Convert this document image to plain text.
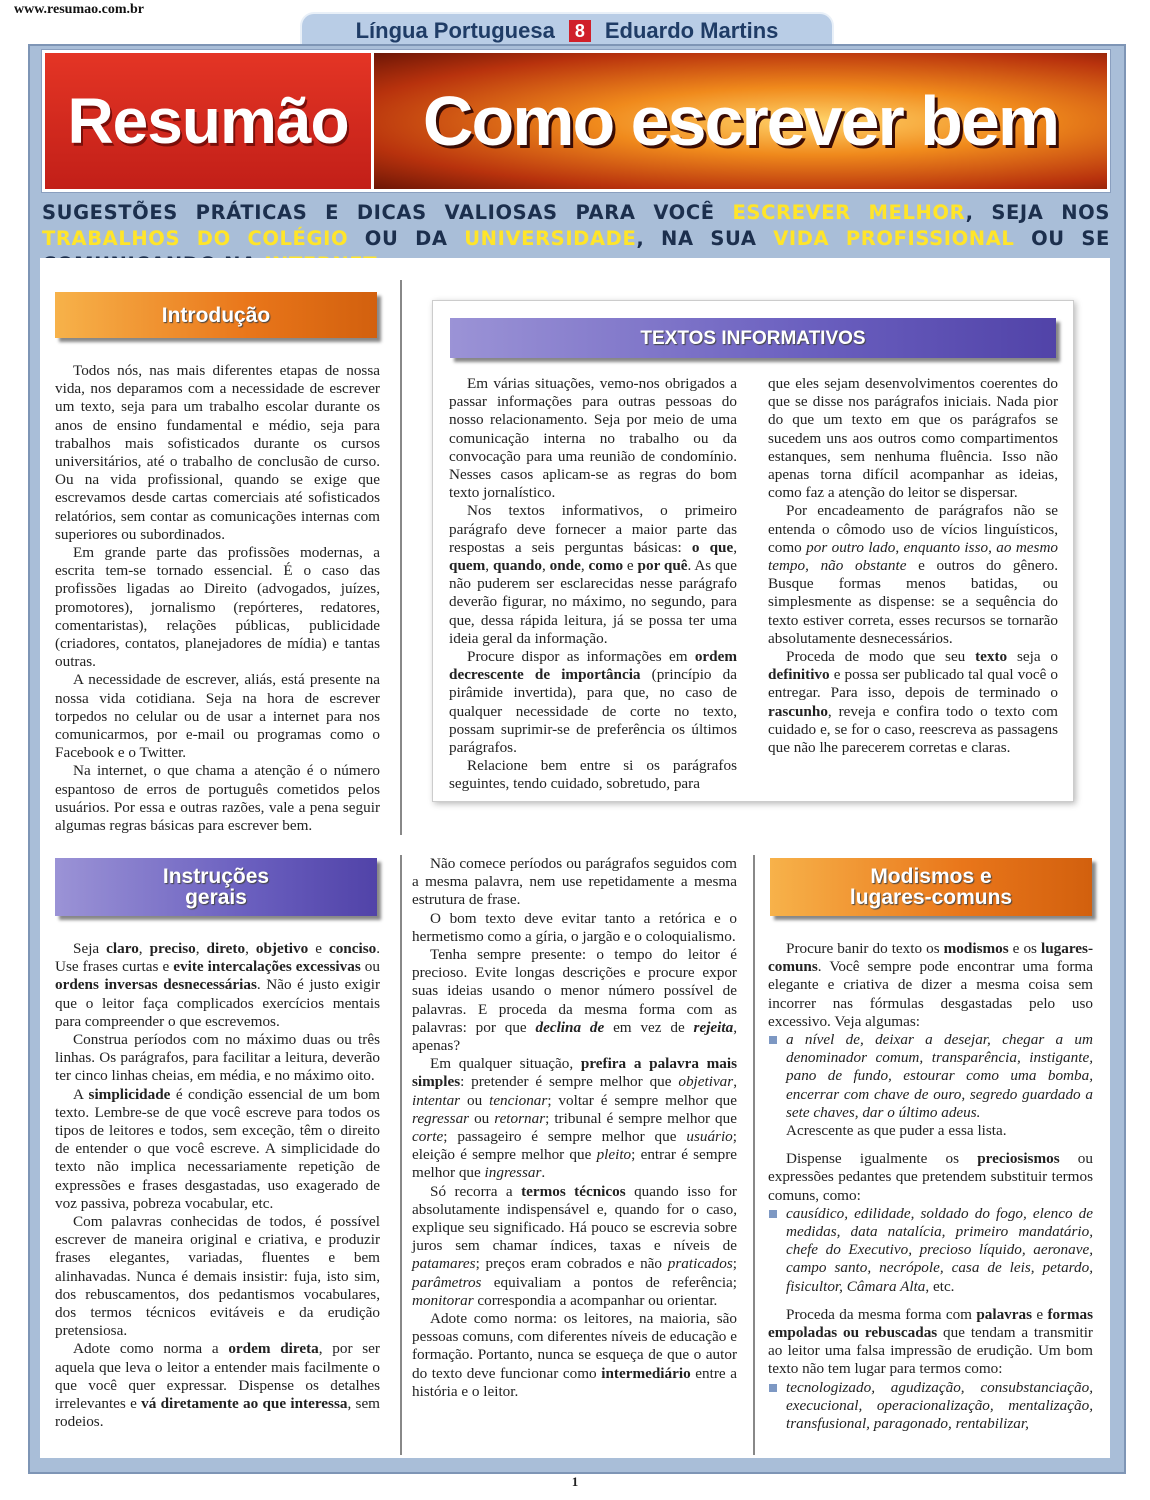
www.resumao.com.br
Língua Portuguesa	8 Eduardo Martins
Resumão Como escrever bem
SUGESTÕES PRÁTICAS E DICAS VALIOSAS PARA VOCÊ ESCREVER MELHOR, SEJA NOS TRABALHOS DO COLÉGIO OU DA UNIVERSIDADE, NA SUA VIDA PROFISSIONAL OU SE
Introdução

Todos nós, nas mais diferentes etapas de nossa vida, nos deparamos com a necessidade de escrever um texto, seja para um trabalho escolar durante os anos de ensino fundamental e médio, seja para trabalhos mais sofisticados durante os cursos universitários, até o trabalho de conclusão de curso. Ou na vida profissional, quando se exige que escrevamos desde cartas comerciais até sofisticados relatórios, sem contar as comunicações internas com superiores ou subordinados.

Em grande parte das profissões modernas, a escrita tem-se tornado essencial. É o caso das profissões ligadas ao Direito (advogados, juízes, promotores), jornalismo (repórteres, redatores, comentaristas), relações públicas, publicidade (criadores, contatos, planejadores de mídia) e tantas outras.

A necessidade de escrever, aliás, está presente na nossa vida cotidiana. Seja na hora de escrever torpedos no celular ou de usar a internet para nos comunicarmos, por e-mail ou programas como o Facebook e o Twitter.

Na internet, o que chama a atenção é o número espantoso de erros de português cometidos pelos usuários. Por essa e outras razões, vale a pena seguir algumas regras básicas para escrever bem.

TEXTOS INFORMATIVOS

Em várias situações, vemo-nos obrigados a passar informações para outras pessoas do nosso relacionamento. Seja por meio de uma comunicação interna no trabalho ou da convocação para uma reunião de condomínio. Nesses casos aplicam-se as regras do bom texto jornalístico.

Nos textos informativos, o primeiro parágrafo deve fornecer a maior parte das respostas a seis perguntas básicas: o que, quem, quando, onde, como e por quê. As que não puderem ser esclarecidas nesse parágrafo deverão figurar, no máximo, no segundo, para que, dessa rápida leitura, já se possa ter uma ideia geral da informação.

Procure dispor as informações em ordem decrescente de importância (princípio da pirâmide invertida), para que, no caso de qualquer necessidade de corte no texto, possam suprimir-se de preferência os últimos parágrafos.

Relacione bem entre si os parágrafos seguintes, tendo cuidado, sobretudo, para

que eles sejam desenvolvimentos coerentes do que se disse nos parágrafos iniciais. Nada pior do que um texto em que os parágrafos se sucedem uns aos outros como compartimentos estanques, sem nenhuma fluência. Isso não apenas torna difícil acompanhar as ideias, como faz a atenção do leitor se dispersar.

Por encadeamento de parágrafos não se entenda o cômodo uso de vícios linguísticos, como por outro lado, enquanto isso, ao mesmo tempo, não obstante e outros do gênero. Busque formas menos batidas, ou simplesmente as dispense: se a sequência do texto estiver correta, esses recursos se tornarão absolutamente desnecessários.

Proceda de modo que seu texto seja o definitivo e possa ser publicado tal qual você o entregar. Para isso, depois de terminado o rascunho, reveja e confira todo o texto com cuidado e, se for o caso, reescreva as passagens que não lhe parecerem corretas e claras.

Instruções
gerais

Seja claro, preciso, direto, objetivo e conciso. Use frases curtas e evite intercalações excessivas ou ordens inversas desnecessárias. Não é justo exigir que o leitor faça complicados exercícios mentais para compreender o que escrevemos.

Construa períodos com no máximo duas ou três linhas. Os parágrafos, para facilitar a leitura, deverão ter cinco linhas cheias, em média, e no máximo oito.

A simplicidade é condição essencial de um bom texto. Lembre-se de que você escreve para todos os tipos de leitores e todos, sem exceção, têm o direito de entender o que você escreve. A simplicidade do texto não implica necessariamente repetição de expressões e frases desgastadas, uso exagerado de voz passiva, pobreza vocabular, etc.

Com palavras conhecidas de todos, é possível escrever de maneira original e criativa, e produzir frases elegantes, variadas, fluentes e bem alinhavadas. Nunca é demais insistir: fuja, isto sim, dos rebuscamentos, dos pedantismos vocabulares, dos termos técnicos evitáveis e da erudição pretensiosa.

Adote como norma a ordem direta, por ser aquela que leva o leitor a entender mais facilmente o que você quer expressar. Dispense os detalhes irrelevantes e vá diretamente ao que interessa, sem rodeios.

Não comece períodos ou parágrafos seguidos com a mesma palavra, nem use repetidamente a mesma estrutura de frase.

O bom texto deve evitar tanto a retórica e o hermetismo como a gíria, o jargão e o coloquialismo.

Tenha sempre presente: o tempo do leitor é precioso. Evite longas descrições e procure expor suas ideias usando o menor número possível de palavras. E proceda da mesma forma com as palavras: por que declina de em vez de rejeita, apenas?

Em qualquer situação, prefira a palavra mais simples: pretender é sempre melhor que objetivar, intentar ou tencionar; voltar é sempre melhor que regressar ou retornar; tribunal é sempre melhor que corte; passageiro é sempre melhor que usuário; eleição é sempre melhor que pleito; entrar é sempre melhor que ingressar.

Só recorra a termos técnicos quando isso for absolutamente indispensável e, quando for o caso, explique seu significado. Há pouco se escrevia sobre juros sem chamar índices, taxas e níveis de patamares; preços eram cobrados e não praticados; parâmetros equivaliam a pontos de referência; monitorar correspondia a acompanhar ou orientar.

Adote como norma: os leitores, na maioria, são pessoas comuns, com diferentes níveis de educação e formação. Portanto, nunca se esqueça de que o autor do texto deve funcionar como intermediário entre a história e o leitor.

Modismos e
lugares-comuns

Procure banir do texto os modismos e os lugares-comuns. Você sempre pode encontrar uma forma elegante e criativa de dizer a mesma coisa sem incorrer nas fórmulas desgastadas pelo uso excessivo. Veja algumas:

a nível de, deixar a desejar, chegar a um denominador comum, transparência, instigante, pano de fundo, estourar como uma bomba, encerrar com chave de ouro, segredo guardado a sete chaves, dar o último adeus.
Acrescente as que puder a essa lista.

Dispense igualmente os preciosismos ou expressões pedantes que pretendem substituir termos comuns, como:

causídico, edilidade, soldado do fogo, elenco de medidas, data natalícia, primeiro mandatário, chefe do Executivo, precioso líquido, aeronave, campo santo, necrópole, casa de leis, petardo, fisicultor, Câmara Alta, etc.

Proceda da mesma forma com palavras e formas empoladas ou rebuscadas que tendam a transmitir ao leitor uma falsa impressão de erudição. Um bom texto não tem lugar para termos como:

tecnologizado, agudização, consubstanciação, execucional, operacionalização, mentalização, transfusional, paragonado, rentabilizar,
1
